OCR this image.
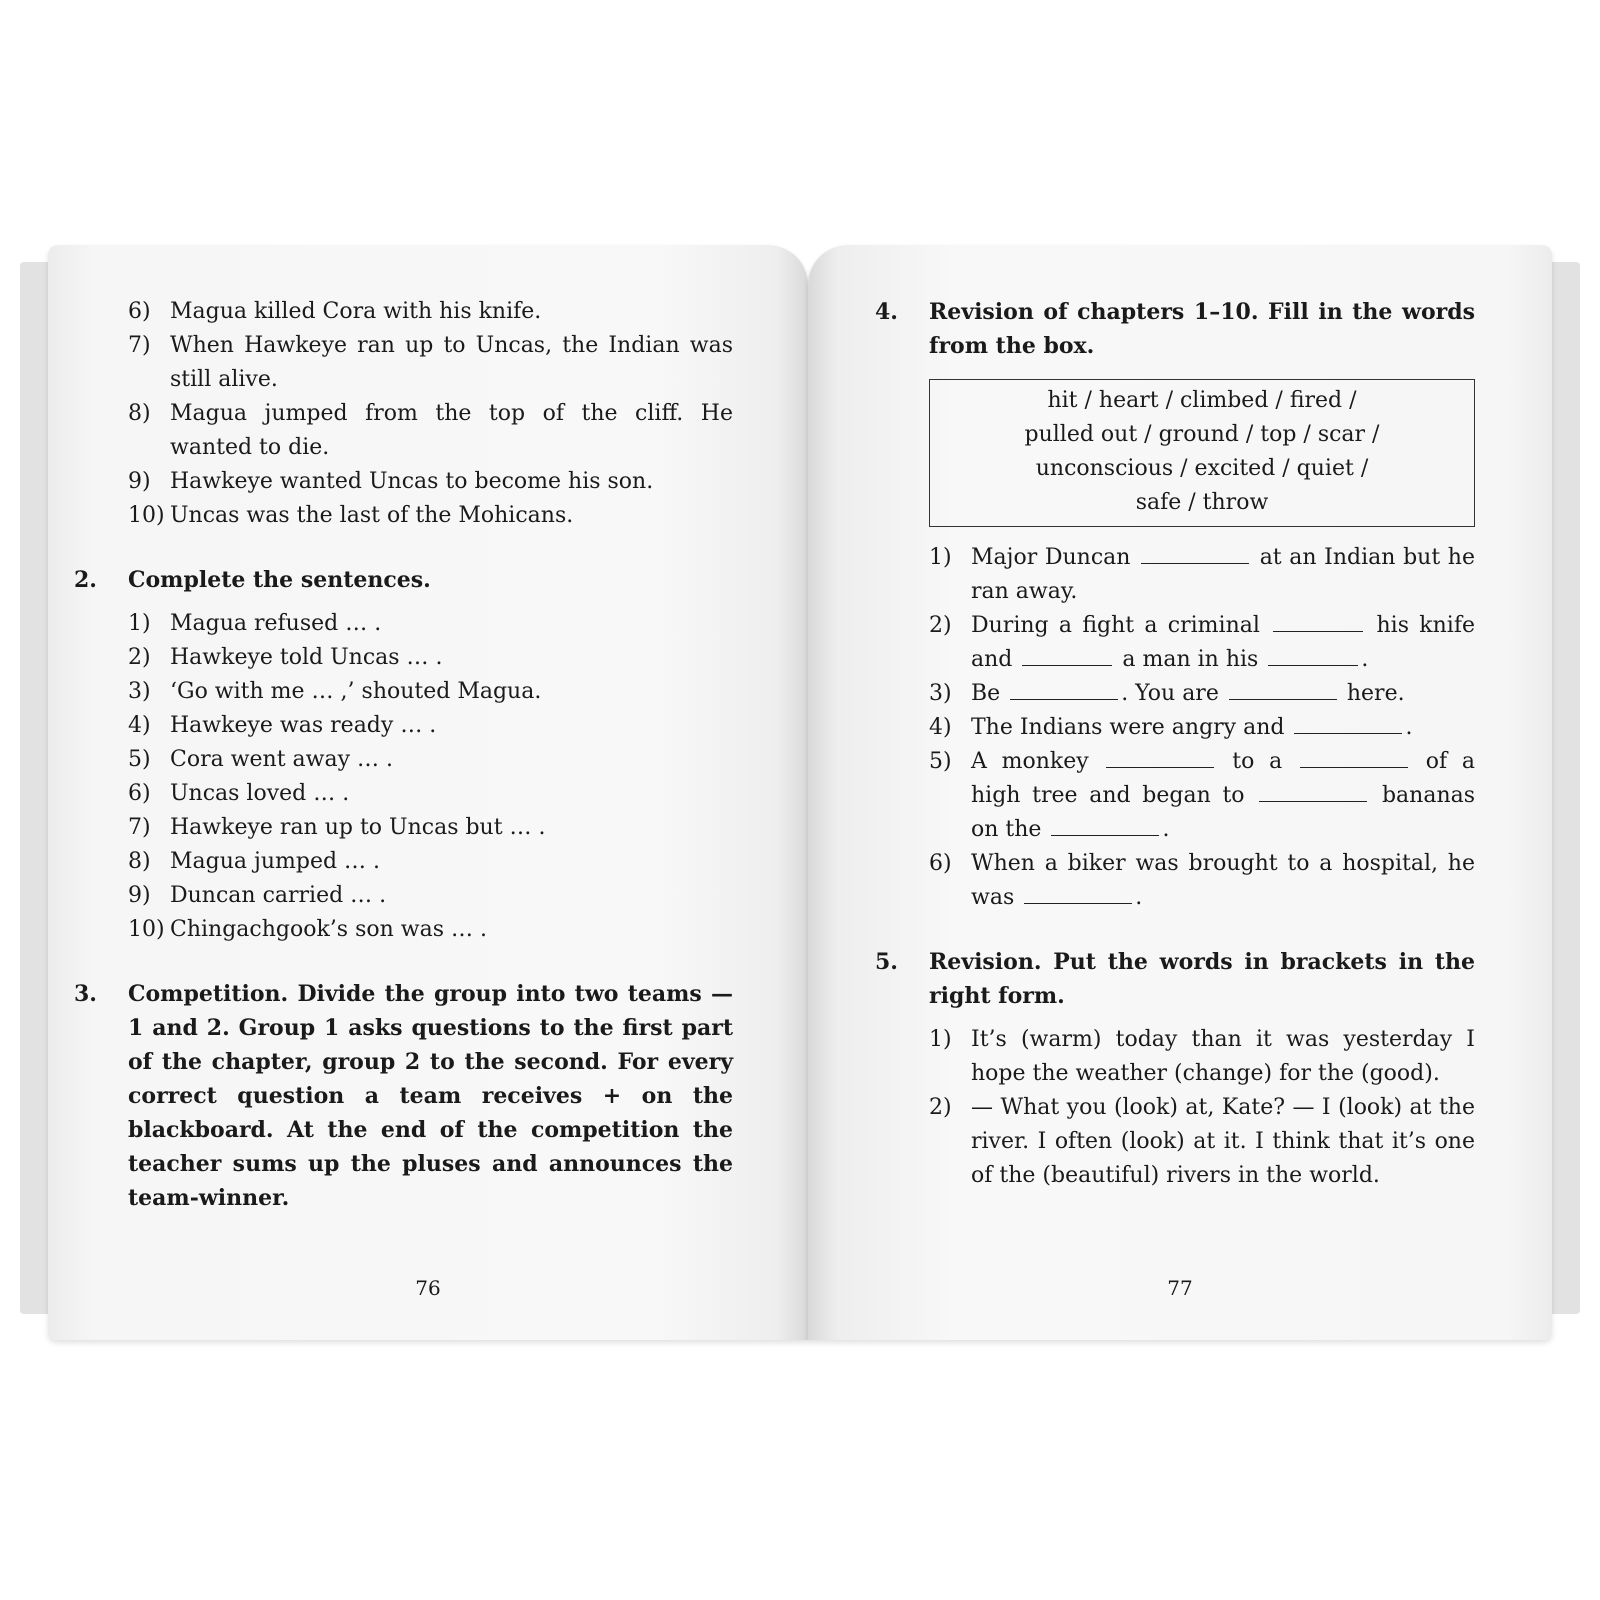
6) Magua killed Cora with his knife.
7) When Hawkeye ran up to Uncas, the Indian was still alive.
8) Magua jumped from the top of the cliff. He wanted to die.
9) Hawkeye wanted Uncas to become his son.
10) Uncas was the last of the Mohicans.
2.	Complete the sentences.
1) Magua refused … .
2) Hawkeye told Uncas … .
3) ‘Go with me … ,’ shouted Magua.
4) Hawkeye was ready … .
5) Cora went away … .
6) Uncas loved … .
7) Hawkeye ran up to Uncas but … .
8) Magua jumped … .
9) Duncan carried … .
10) Chingachgook’s son was … .
3.	Competition. Divide the group into two teams — 1 and 2. Group 1 asks questions to the first part of the chapter, group 2 to the second. For every correct question a team receives + on the blackboard. At the end of the competition the teacher sums up the pluses and announces the team-winner.
76
4.	Revision of chapters 1–10. Fill in the words from the box.
hit / heart / climbed / fired /
pulled out / ground / top / scar /
unconscious / excited / quiet /
safe / throw
1) Major Duncan	at an Indian but he ran away.
2) During a fight a criminal	his knife and	a man in his	.
3) Be	. You are	here.
4) The Indians were angry and	.
5) A monkey	to a	of a high tree and began to	bananas on the	.
6) When a biker was brought to a hospital, he was	.
5.	Revision. Put the words in brackets in the right form.
1) It’s (warm) today than it was yesterday I hope the weather (change) for the (good).
2) — What you (look) at, Kate? — I (look) at the river. I often (look) at it. I think that it’s one of the (beautiful) rivers in the world.
77
